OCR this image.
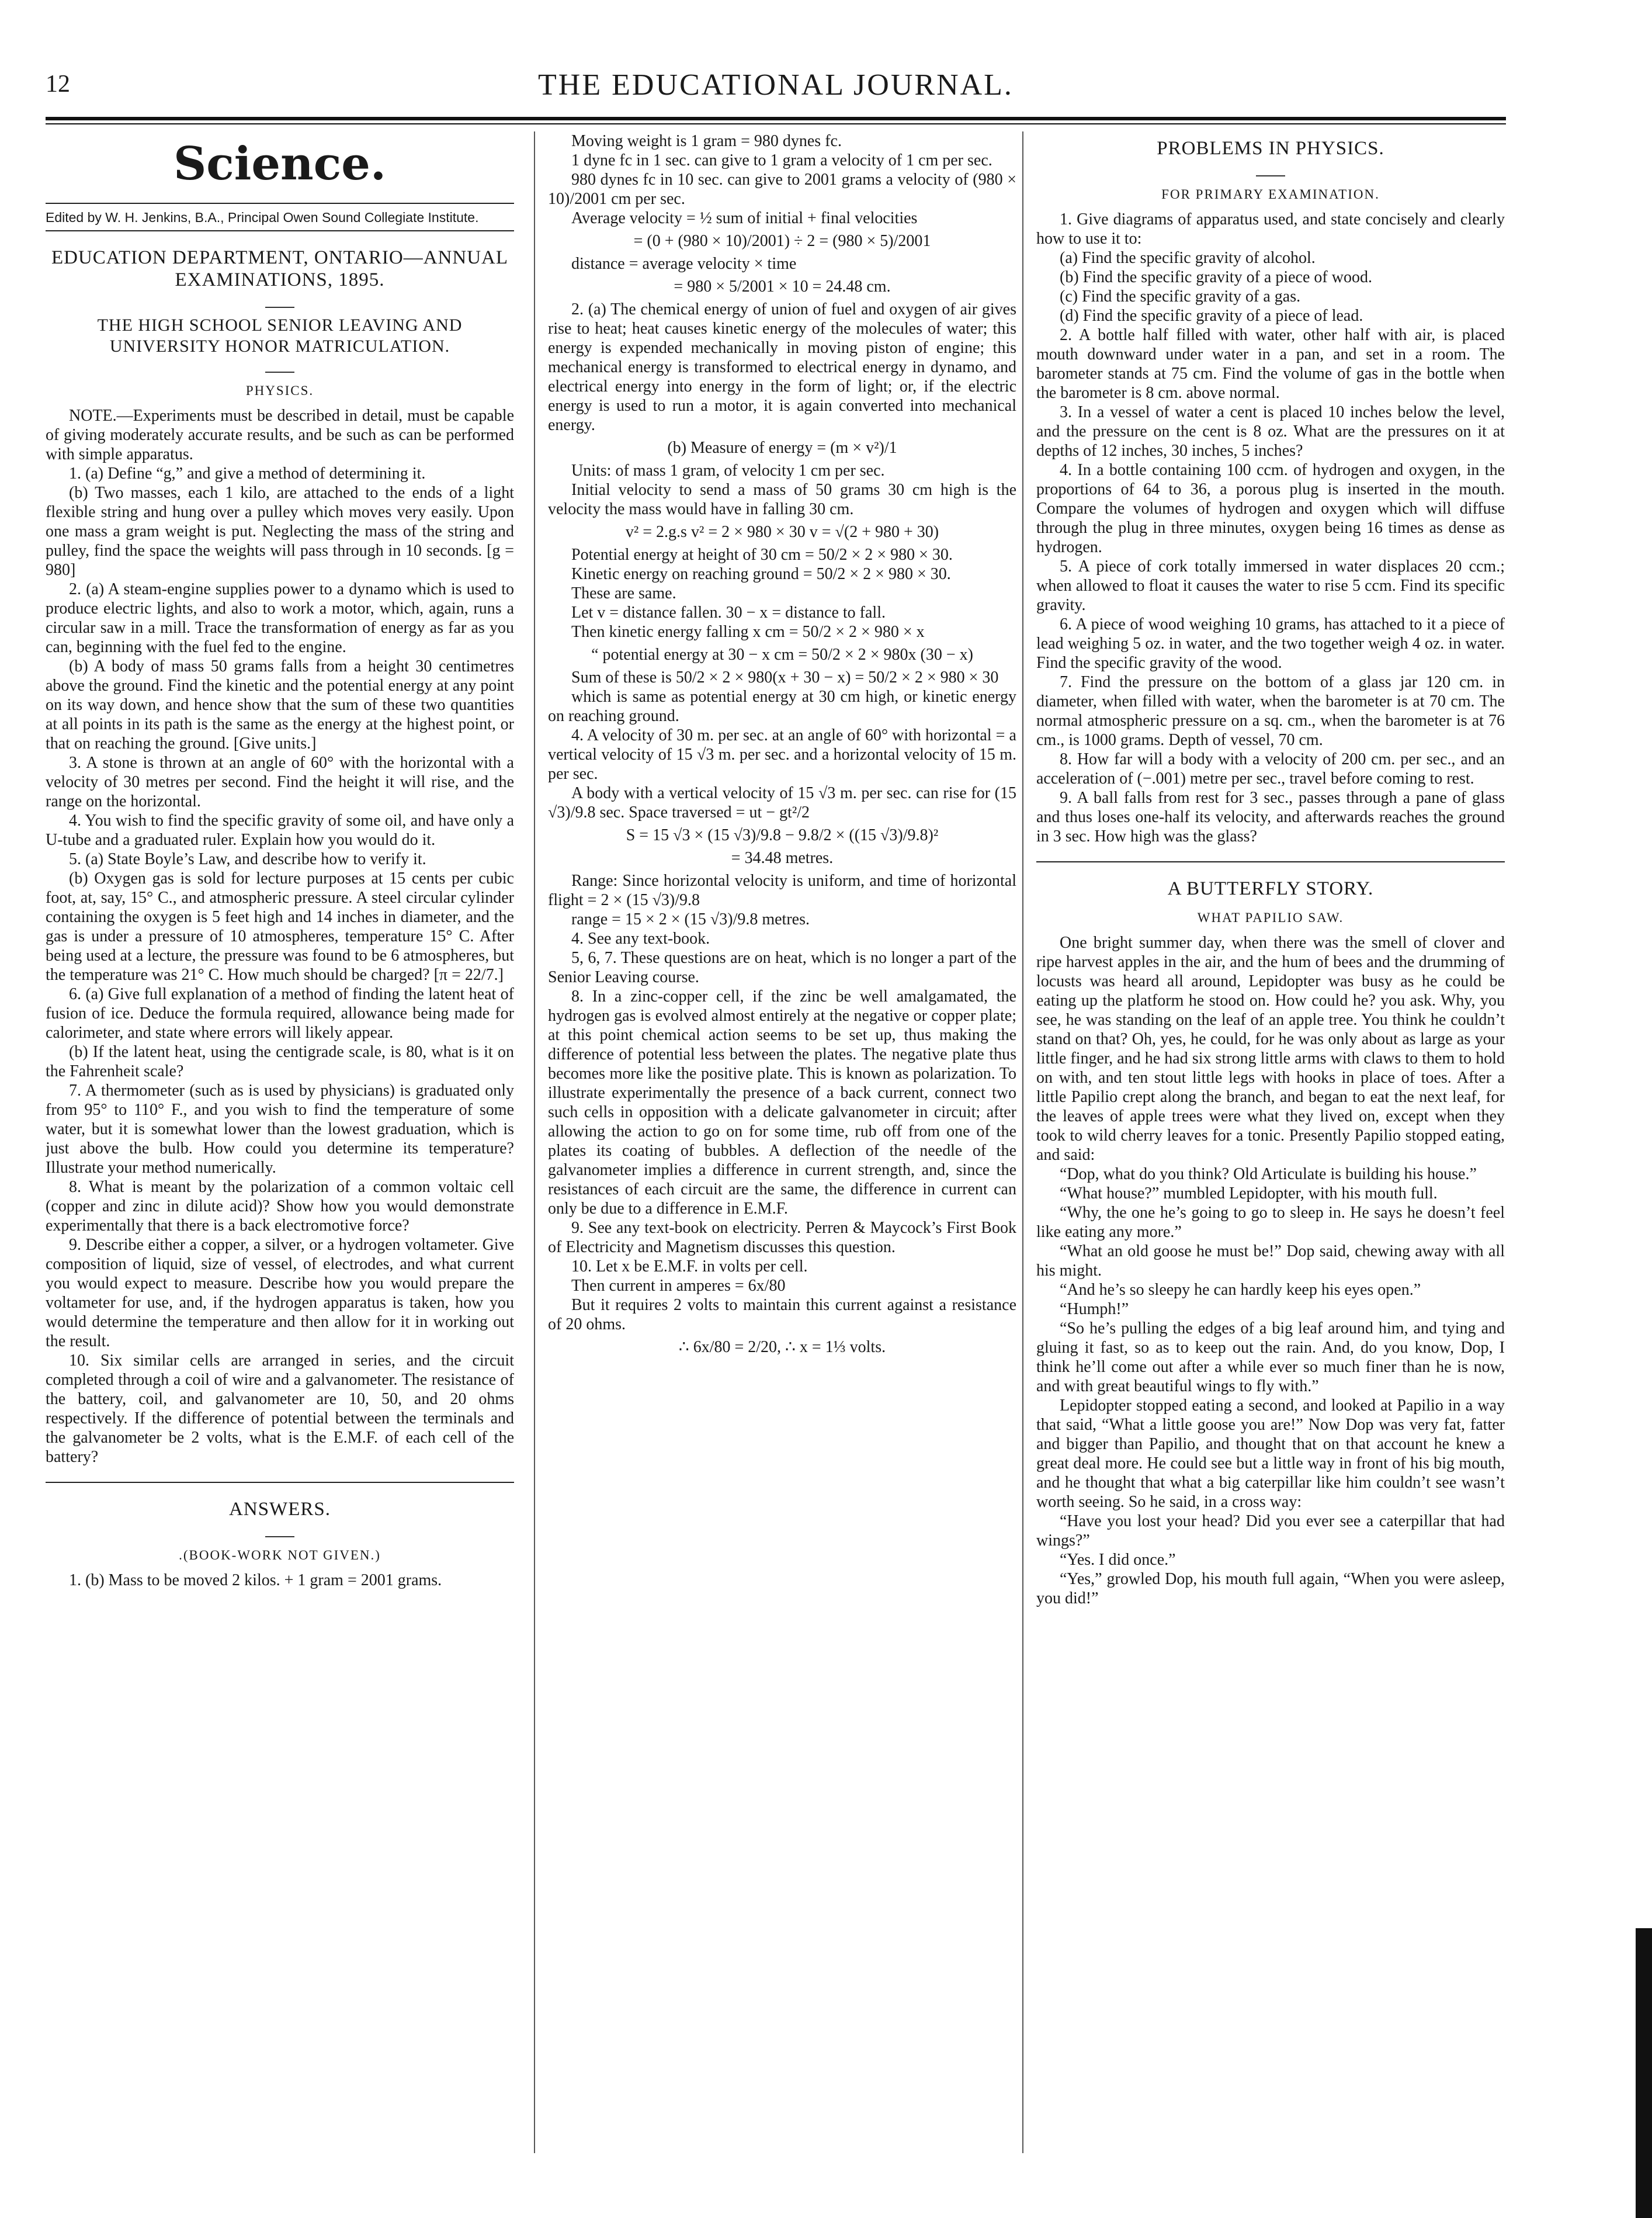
12	THE EDUCATIONAL JOURNAL.
Science.
Edited by W. H. Jenkins, B.A., Principal Owen Sound Collegiate Institute.
EDUCATION DEPARTMENT, ONTARIO—ANNUAL EXAMINATIONS, 1895.
THE HIGH SCHOOL SENIOR LEAVING AND UNIVERSITY HONOR MATRICULATION.
PHYSICS.

NOTE.—Experiments must be described in detail, must be capable of giving moderately accurate results, and be such as can be performed with simple apparatus.

1. (a) Define “g,” and give a method of determining it.

(b) Two masses, each 1 kilo, are attached to the ends of a light flexible string and hung over a pulley which moves very easily. Upon one mass a gram weight is put. Neglecting the mass of the string and pulley, find the space the weights will pass through in 10 seconds. [g = 980]

2. (a) A steam-engine supplies power to a dynamo which is used to produce electric lights, and also to work a motor, which, again, runs a circular saw in a mill. Trace the transformation of energy as far as you can, beginning with the fuel fed to the engine.

(b) A body of mass 50 grams falls from a height 30 centimetres above the ground. Find the kinetic and the potential energy at any point on its way down, and hence show that the sum of these two quantities at all points in its path is the same as the energy at the highest point, or that on reaching the ground. [Give units.]

3. A stone is thrown at an angle of 60° with the horizontal with a velocity of 30 metres per second. Find the height it will rise, and the range on the horizontal.

4. You wish to find the specific gravity of some oil, and have only a U-tube and a graduated ruler. Explain how you would do it.

5. (a) State Boyle’s Law, and describe how to verify it.

(b) Oxygen gas is sold for lecture purposes at 15 cents per cubic foot, at, say, 15° C., and atmospheric pressure. A steel circular cylinder containing the oxygen is 5 feet high and 14 inches in diameter, and the gas is under a pressure of 10 atmospheres, temperature 15° C. After being used at a lecture, the pressure was found to be 6 atmospheres, but the temperature was 21° C. How much should be charged? [π = 22/7.]

6. (a) Give full explanation of a method of finding the latent heat of fusion of ice. Deduce the formula required, allowance being made for calorimeter, and state where errors will likely appear.

(b) If the latent heat, using the centigrade scale, is 80, what is it on the Fahrenheit scale?

7. A thermometer (such as is used by physicians) is graduated only from 95° to 110° F., and you wish to find the temperature of some water, but it is somewhat lower than the lowest graduation, which is just above the bulb. How could you determine its temperature? Illustrate your method numerically.

8. What is meant by the polarization of a common voltaic cell (copper and zinc in dilute acid)? Show how you would demonstrate experimentally that there is a back electromotive force?

9. Describe either a copper, a silver, or a hydrogen voltameter. Give composition of liquid, size of vessel, of electrodes, and what current you would expect to measure. Describe how you would prepare the voltameter for use, and, if the hydrogen apparatus is taken, how you would determine the temperature and then allow for it in working out the result.

10. Six similar cells are arranged in series, and the circuit completed through a coil of wire and a galvanometer. The resistance of the battery, coil, and galvanometer are 10, 50, and 20 ohms respectively. If the difference of potential between the terminals and the galvanometer be 2 volts, what is the E.M.F. of each cell of the battery?

ANSWERS.
.(BOOK-WORK NOT GIVEN.)

1. (b) Mass to be moved 2 kilos. + 1 gram = 2001 grams.

Moving weight is 1 gram = 980 dynes fc.

1 dyne fc in 1 sec. can give to 1 gram a velocity of 1 cm per sec.

980 dynes fc in 10 sec. can give to 2001 grams a velocity of (980 × 10)/2001 cm per sec.

Average velocity = ½ sum of initial + final velocities

= (0 + (980 × 10)/2001) ÷ 2 = (980 × 5)/2001

distance = average velocity × time

= 980 × 5/2001 × 10 = 24.48 cm.

2. (a) The chemical energy of union of fuel and oxygen of air gives rise to heat; heat causes kinetic energy of the molecules of water; this energy is expended mechanically in moving piston of engine; this mechanical energy is transformed to electrical energy in dynamo, and electrical energy into energy in the form of light; or, if the electric energy is used to run a motor, it is again converted into mechanical energy.

(b) Measure of energy = (m × v²)/1

Units: of mass 1 gram, of velocity 1 cm per sec.

Initial velocity to send a mass of 50 grams 30 cm high is the velocity the mass would have in falling 30 cm.

v² = 2.g.s v² = 2 × 980 × 30 v = √(2 + 980 + 30)

Potential energy at height of 30 cm = 50/2 × 2 × 980 × 30.

Kinetic energy on reaching ground = 50/2 × 2 × 980 × 30.

These are same.

Let v = distance fallen. 30 − x = distance to fall.

Then kinetic energy falling x cm = 50/2 × 2 × 980 × x

“ potential energy at 30 − x cm = 50/2 × 2 × 980x (30 − x)

Sum of these is 50/2 × 2 × 980(x + 30 − x) = 50/2 × 2 × 980 × 30

which is same as potential energy at 30 cm high, or kinetic energy on reaching ground.

4. A velocity of 30 m. per sec. at an angle of 60° with horizontal = a vertical velocity of 15 √3 m. per sec. and a horizontal velocity of 15 m. per sec.

A body with a vertical velocity of 15 √3 m. per sec. can rise for (15 √3)/9.8 sec. Space traversed = ut − gt²/2

S = 15 √3 × (15 √3)/9.8 − 9.8/2 × ((15 √3)/9.8)²

= 34.48 metres.

Range: Since horizontal velocity is uniform, and time of horizontal flight = 2 × (15 √3)/9.8

range = 15 × 2 × (15 √3)/9.8 metres.

4. See any text-book.

5, 6, 7. These questions are on heat, which is no longer a part of the Senior Leaving course.

8. In a zinc-copper cell, if the zinc be well amalgamated, the hydrogen gas is evolved almost entirely at the negative or copper plate; at this point chemical action seems to be set up, thus making the difference of potential less between the plates. The negative plate thus becomes more like the positive plate. This is known as polarization. To illustrate experimentally the presence of a back current, connect two such cells in opposition with a delicate galvanometer in circuit; after allowing the action to go on for some time, rub off from one of the plates its coating of bubbles. A deflection of the needle of the galvanometer implies a difference in current strength, and, since the resistances of each circuit are the same, the difference in current can only be due to a difference in E.M.F.

9. See any text-book on electricity. Perren & Maycock’s First Book of Electricity and Magnetism discusses this question.

10. Let x be E.M.F. in volts per cell.

Then current in amperes = 6x/80

But it requires 2 volts to maintain this current against a resistance of 20 ohms.

∴ 6x/80 = 2/20, ∴ x = 1⅓ volts.

PROBLEMS IN PHYSICS.
FOR PRIMARY EXAMINATION.

1. Give diagrams of apparatus used, and state concisely and clearly how to use it to:

(a) Find the specific gravity of alcohol.

(b) Find the specific gravity of a piece of wood.

(c) Find the specific gravity of a gas.

(d) Find the specific gravity of a piece of lead.

2. A bottle half filled with water, other half with air, is placed mouth downward under water in a pan, and set in a room. The barometer stands at 75 cm. Find the volume of gas in the bottle when the barometer is 8 cm. above normal.

3. In a vessel of water a cent is placed 10 inches below the level, and the pressure on the cent is 8 oz. What are the pressures on it at depths of 12 inches, 30 inches, 5 inches?

4. In a bottle containing 100 ccm. of hydrogen and oxygen, in the proportions of 64 to 36, a porous plug is inserted in the mouth. Compare the volumes of hydrogen and oxygen which will diffuse through the plug in three minutes, oxygen being 16 times as dense as hydrogen.

5. A piece of cork totally immersed in water displaces 20 ccm.; when allowed to float it causes the water to rise 5 ccm. Find its specific gravity.

6. A piece of wood weighing 10 grams, has attached to it a piece of lead weighing 5 oz. in water, and the two together weigh 4 oz. in water. Find the specific gravity of the wood.

7. Find the pressure on the bottom of a glass jar 120 cm. in diameter, when filled with water, when the barometer is at 70 cm. The normal atmospheric pressure on a sq. cm., when the barometer is at 76 cm., is 1000 grams. Depth of vessel, 70 cm.

8. How far will a body with a velocity of 200 cm. per sec., and an acceleration of (−.001) metre per sec., travel before coming to rest.

9. A ball falls from rest for 3 sec., passes through a pane of glass and thus loses one-half its velocity, and afterwards reaches the ground in 3 sec. How high was the glass?

A BUTTERFLY STORY.
WHAT PAPILIO SAW.

One bright summer day, when there was the smell of clover and ripe harvest apples in the air, and the hum of bees and the drumming of locusts was heard all around, Lepidopter was busy as he could be eating up the platform he stood on. How could he? you ask. Why, you see, he was standing on the leaf of an apple tree. You think he couldn’t stand on that? Oh, yes, he could, for he was only about as large as your little finger, and he had six strong little arms with claws to them to hold on with, and ten stout little legs with hooks in place of toes. After a little Papilio crept along the branch, and began to eat the next leaf, for the leaves of apple trees were what they lived on, except when they took to wild cherry leaves for a tonic. Presently Papilio stopped eating, and said:

“Dop, what do you think? Old Articulate is building his house.”

“What house?” mumbled Lepidopter, with his mouth full.

“Why, the one he’s going to go to sleep in. He says he doesn’t feel like eating any more.”

“What an old goose he must be!” Dop said, chewing away with all his might.

“And he’s so sleepy he can hardly keep his eyes open.”

“Humph!”

“So he’s pulling the edges of a big leaf around him, and tying and gluing it fast, so as to keep out the rain. And, do you know, Dop, I think he’ll come out after a while ever so much finer than he is now, and with great beautiful wings to fly with.”

Lepidopter stopped eating a second, and looked at Papilio in a way that said, “What a little goose you are!” Now Dop was very fat, fatter and bigger than Papilio, and thought that on that account he knew a great deal more. He could see but a little way in front of his big mouth, and he thought that what a big caterpillar like him couldn’t see wasn’t worth seeing. So he said, in a cross way:

“Have you lost your head? Did you ever see a caterpillar that had wings?”

“Yes. I did once.”

“Yes,” growled Dop, his mouth full again, “When you were asleep, you did!”
